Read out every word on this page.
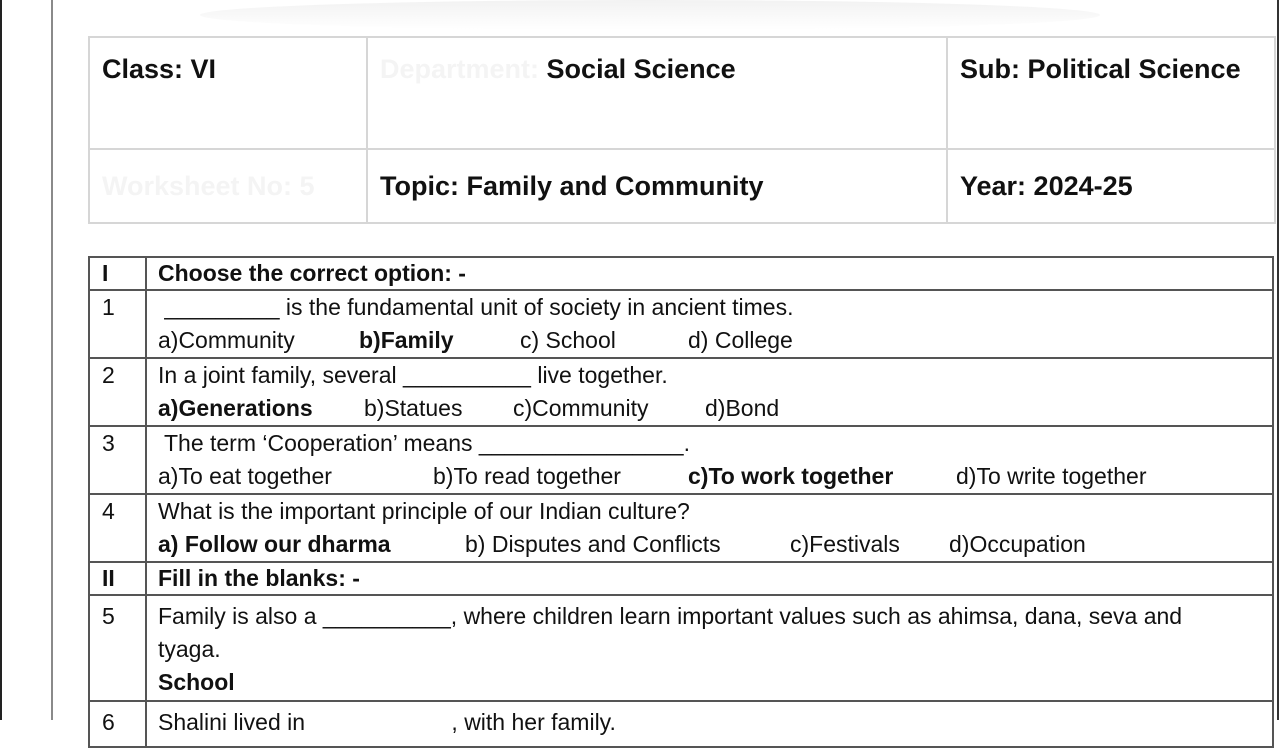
Class: VI	Department: Social Science	Sub: Political Science
Worksheet No: 5	Topic: Family and Community	Year: 2024-25
I	Choose the correct option: -
1	_________ is the fundamental unit of society in ancient times.
a)Community b)Family c) School d) College

2	In a joint family, several __________ live together.
a)Generations b)Statues c)Community d)Bond

3	The term ‘Cooperation’ means ________________.
a)To eat together b)To read together c)To work together d)To write together

4	What is the important principle of our Indian culture?
a) Follow our dharma b) Disputes and Conflicts c)Festivals d)Occupation

II	Fill in the blanks: -
5	Family is also a __________, where children learn important values such as ahimsa, dana, seva and
tyaga.
School

6	Shalini lived in , with her family.
